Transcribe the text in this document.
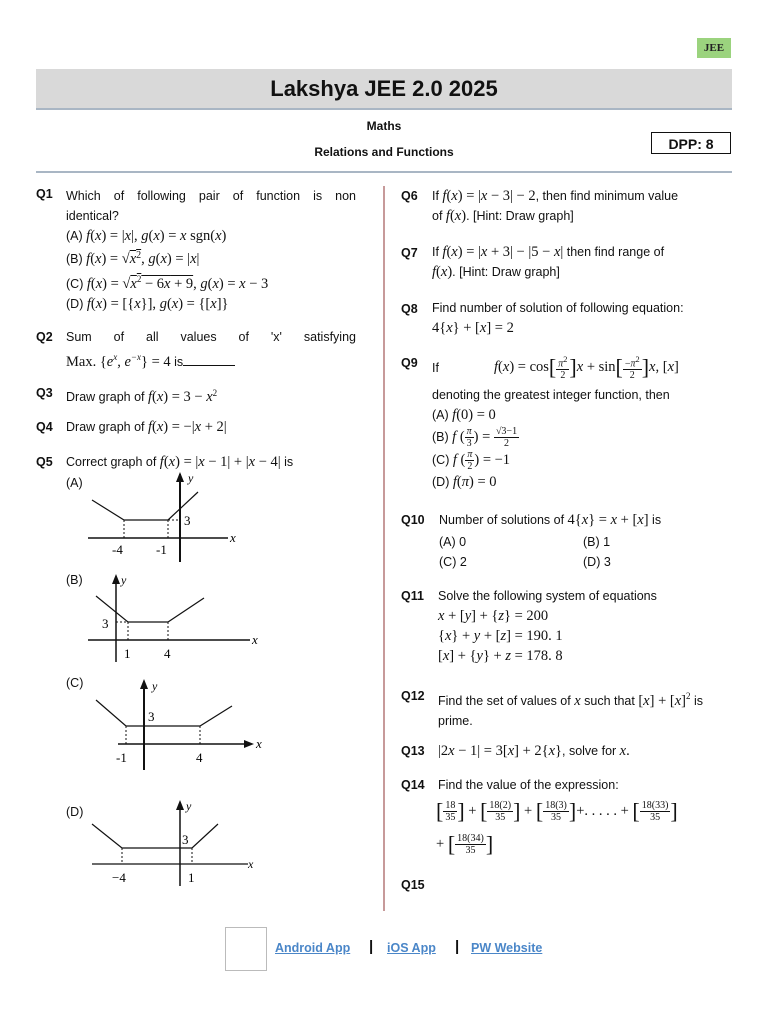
JEE
Lakshya JEE 2.0 2025
Maths
Relations and Functions	DPP: 8
Q1 Which of following pair of function is non
identical?
(A) f(x) = |x|, g(x) = x sgn(x)
(B) $f(x) = √x^2$, g(x) = |x|
(C) $f(x) = √x^2 - 6x + 9$, g(x) = x − 3
(D) f(x) = [{x}], g(x) = {[x]}
Q2 Sum of all values of 'x' satisfying
Max. {$e^x$, $e^{-x}\} = 4$ is
Q3 Draw graph of $f(x) = 3 - x^2$
Q4 Draw graph of f(x) = −|x + 2|
Q5 Correct graph of f(x) = |x − 1| + |x − 4| is
(A)
x
y
-4	-1
3
(B)
x
y
3
1	4
(C)
x
y
3
-1	4
(D)
x
y
3
−4	1
Q6 If f(x) = |x − 3| − 2, then find minimum value
of f(x). [Hint: Draw graph]
Q7 If f(x) = |x + 3| − |5 − x| then find range of
f(x). [Hint: Draw graph]
Q8 Find number of solution of following equation:
4{x} + [x] = 2
Q9 If	$f(x) = \cos[ \frac{\pi^2}{2} ]x + \sin[ \frac{-\pi^2}{2} ]x$, [x]
denoting the greatest integer function, then
(A) f(0) = 0
(B) f ( $\frac{\pi}{3}$ ) = $\frac{√3-1}{2}$
(C) f ( $\frac{\pi}{2}$ ) = −1
(D) f(π) = 0
Q10 Number of solutions of 4{x} = x + [x] is
(A) 0	(B) 1
(C) 2	(D) 3
Q11 Solve the following system of equations
x + [y] + {z} = 200
{x} + y + [z] = 190. 1
[x] + {y} + z = 178. 8
Q12 Find the set of values of x such that $[x] + [x]^2$ is
prime.
Q13 |2x − 1| = 3[x] + 2{x}, solve for x.
Q14 Find the value of the expression:
[ $\frac{18}{35}$ ] + [ $\frac{18(2)}{35}$ ] + [ $\frac{18(3)}{35}$ ]+. . . . . + [ $\frac{18(33)}{35}$ ]
+ [ $\frac{18(34)}{35}$ ]
Q15
Android App | iOS App | PW Website
